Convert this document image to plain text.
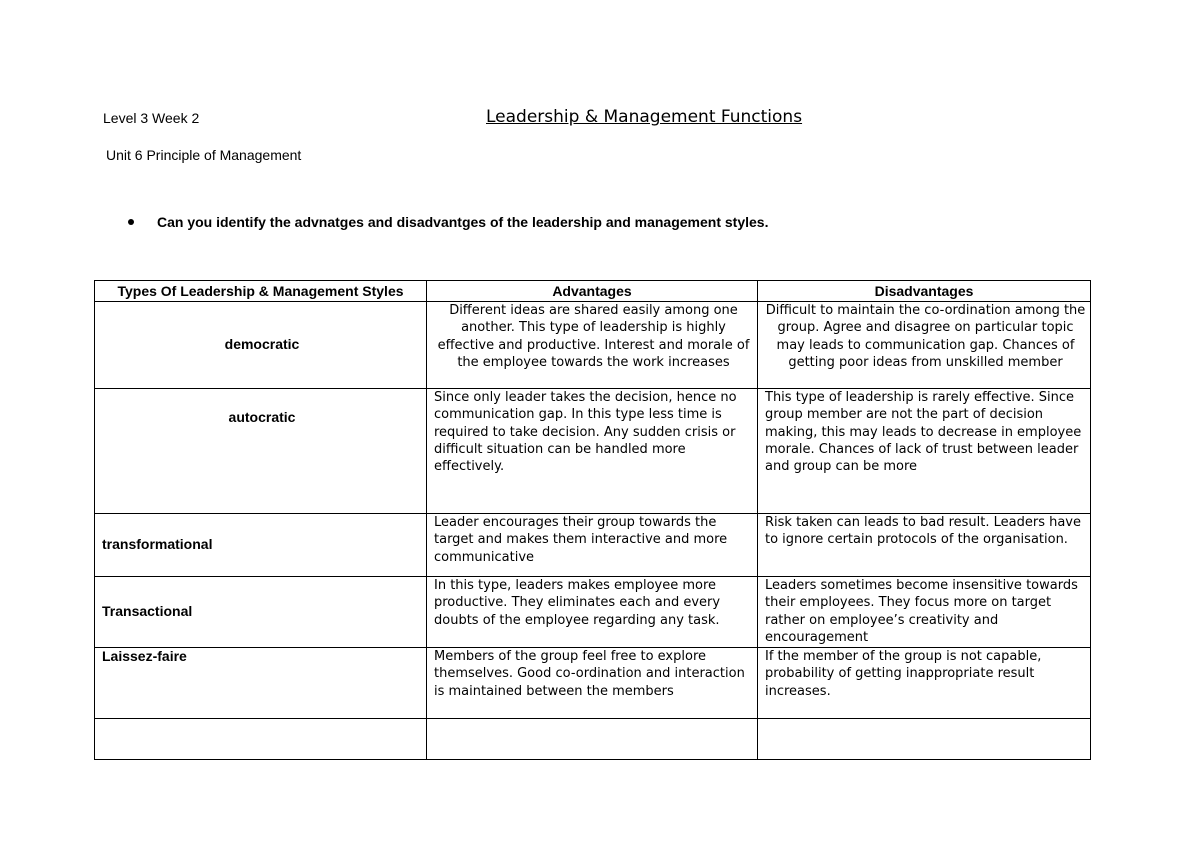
Level 3 Week 2	Leadership & Management Functions
Unit 6 Principle of Management
Can you identify the advnatges and disadvantges of the leadership and management styles.
Types Of Leadership & Management Styles	Advantages	Disadvantages
democratic	Different ideas are shared easily among one another. This type of leadership is highly effective and productive. Interest and morale of the employee towards the work increases	Difficult to maintain the co-ordination among the group. Agree and disagree on particular topic may leads to communication gap. Chances of getting poor ideas from unskilled member
autocratic	Since only leader takes the decision, hence no communication gap. In this type less time is required to take decision. Any sudden crisis or difficult situation can be handled more effectively.	This type of leadership is rarely effective. Since group member are not the part of decision making, this may leads to decrease in employee morale. Chances of lack of trust between leader and group can be more
transformational	Leader encourages their group towards the target and makes them interactive and more communicative	Risk taken can leads to bad result. Leaders have to ignore certain protocols of the organisation.
Transactional	In this type, leaders makes employee more productive. They eliminates each and every doubts of the employee regarding any task.	Leaders sometimes become insensitive towards their employees. They focus more on target rather on employee’s creativity and encouragement
Laissez-faire	Members of the group feel free to explore themselves. Good co-ordination and interaction is maintained between the members	If the member of the group is not capable, probability of getting inappropriate result increases.
